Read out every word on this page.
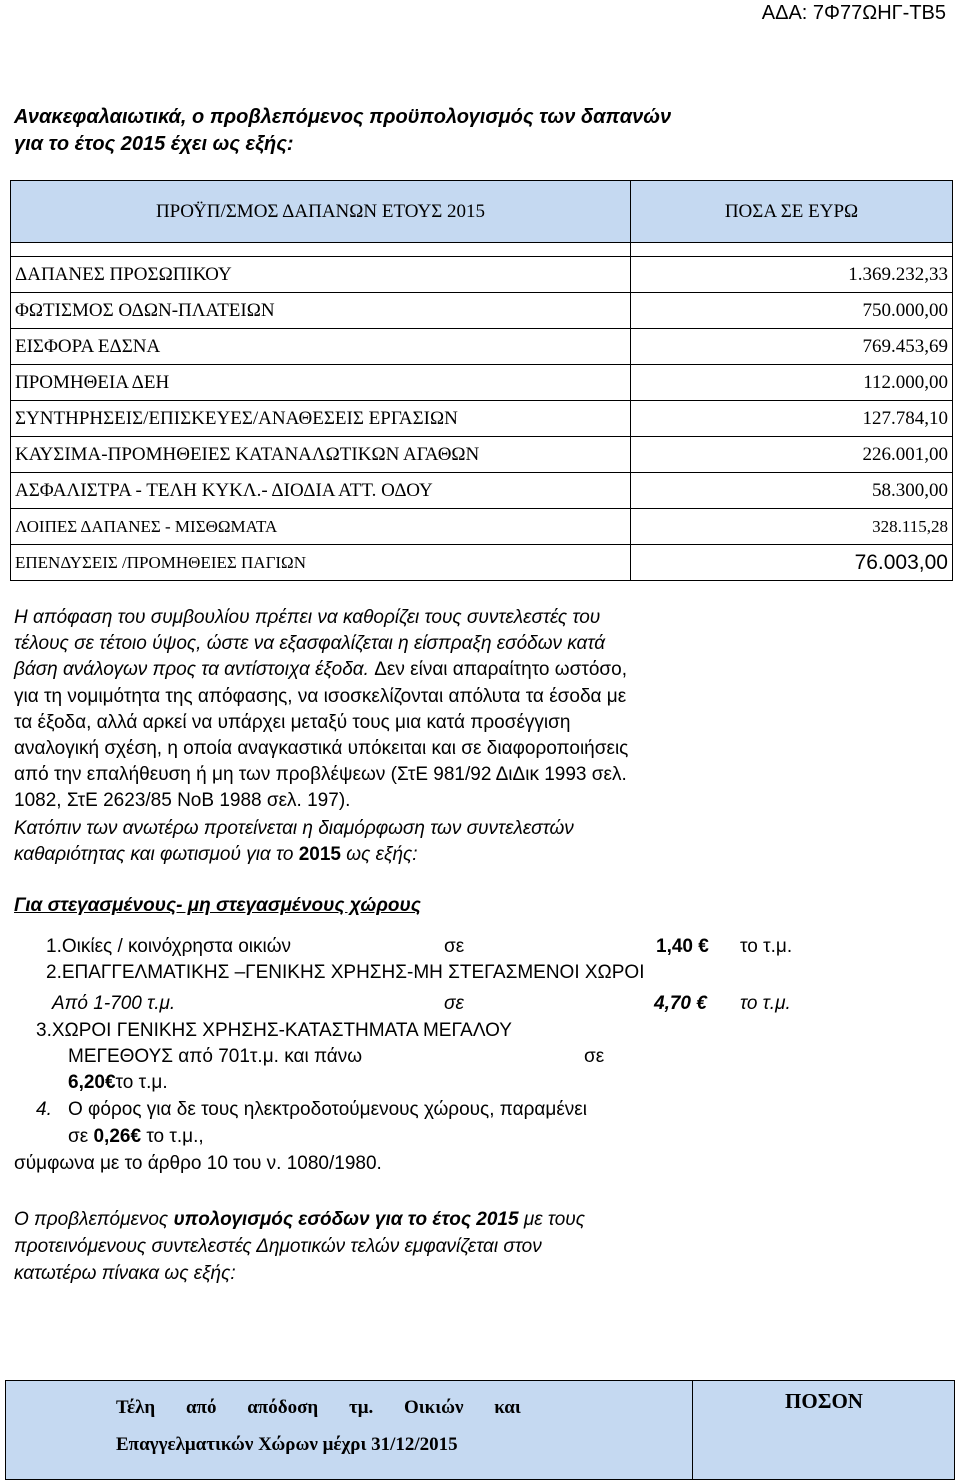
ΑΔΑ: 7Φ77ΩΗΓ-ΤΒ5
Ανακεφαλαιωτικά, ο προβλεπόμενος προϋπολογισμός των δαπανών
για το έτος 2015 έχει ως εξής:
ΠΡΟΫΠ/ΣΜΟΣ ΔΑΠΑΝΩΝ ΕΤΟΥΣ 2015	ΠΟΣΑ ΣΕ ΕΥΡΩ

ΔΑΠΑΝΕΣ ΠΡΟΣΩΠΙΚΟΥ	1.369.232,33
ΦΩΤΙΣΜΟΣ ΟΔΩΝ-ΠΛΑΤΕΙΩΝ	750.000,00
ΕΙΣΦΟΡΑ ΕΔΣΝΑ	769.453,69
ΠΡΟΜΗΘΕΙΑ ΔΕΗ	112.000,00
ΣΥΝΤΗΡΗΣΕΙΣ/ΕΠΙΣΚΕΥΕΣ/ΑΝΑΘΕΣΕΙΣ ΕΡΓΑΣΙΩΝ	127.784,10
ΚΑΥΣΙΜΑ-ΠΡΟΜΗΘΕΙΕΣ ΚΑΤΑΝΑΛΩΤΙΚΩΝ ΑΓΑΘΩΝ	226.001,00
ΑΣΦΑΛΙΣΤΡΑ - ΤΕΛΗ ΚΥΚΛ.- ΔΙΟΔΙΑ ΑΤΤ. ΟΔΟΥ	58.300,00
ΛΟΙΠΕΣ ΔΑΠΑΝΕΣ - ΜΙΣΘΩΜΑΤΑ	328.115,28
ΕΠΕΝΔΥΣΕΙΣ /ΠΡΟΜΗΘΕΙΕΣ ΠΑΓΙΩΝ	76.003,00
Η απόφαση του συμβουλίου πρέπει να καθορίζει τους συντελεστές του
τέλους σε τέτοιο ύψος, ώστε να εξασφαλίζεται η είσπραξη εσόδων κατά
βάση ανάλογων προς τα αντίστοιχα έξοδα. Δεν είναι απαραίτητο ωστόσο,
για τη νομιμότητα της απόφασης, να ισοσκελίζονται απόλυτα τα έσοδα με
τα έξοδα, αλλά αρκεί να υπάρχει μεταξύ τους μια κατά προσέγγιση
αναλογική σχέση, η οποία αναγκαστικά υπόκειται και σε διαφοροποιήσεις
από την επαλήθευση ή μη των προβλέψεων (ΣτΕ 981/92 ΔιΔικ 1993 σελ.
1082, ΣτΕ 2623/85 ΝοΒ 1988 σελ. 197).
Κατόπιν των ανωτέρω προτείνεται η διαμόρφωση των συντελεστών
καθαριότητας και φωτισμού για το 2015 ως εξής:
Για στεγασμένους- μη στεγασμένους χώρους
1.Οικίες / κοινόχρηστα οικιών	σε	1,40 € το τ.μ.
2.ΕΠΑΓΓΕΛΜΑΤΙΚΗΣ –ΓΕΝΙΚΗΣ ΧΡΗΣΗΣ-ΜΗ ΣΤΕΓΑΣΜΕΝΟΙ ΧΩΡΟΙ
Από 1-700 τ.μ.	σε	4,70 € το τ.μ.
3.ΧΩΡΟΙ ΓΕΝΙΚΗΣ ΧΡΗΣΗΣ-ΚΑΤΑΣΤΗΜΑΤΑ ΜΕΓΑΛΟΥ
ΜΕΓΕΘΟΥΣ από 701τ.μ. και πάνω	σε
6,20€το τ.μ.
4. Ο φόρος για δε τους ηλεκτροδοτούμενους χώρους, παραμένει
σε 0,26€ το τ.μ.,
σύμφωνα με το άρθρο 10 του ν. 1080/1980.
Ο προβλεπόμενος υπολογισμός εσόδων για το έτος 2015 με τους
προτεινόμενους συντελεστές Δημοτικών τελών εμφανίζεται στον
κατωτέρω πίνακα ως εξής:
Τέλη από απόδοση τμ. Οικιών και
Επαγγελματικών Χώρων μέχρι 31/12/2015
ΠΟΣΟΝ
